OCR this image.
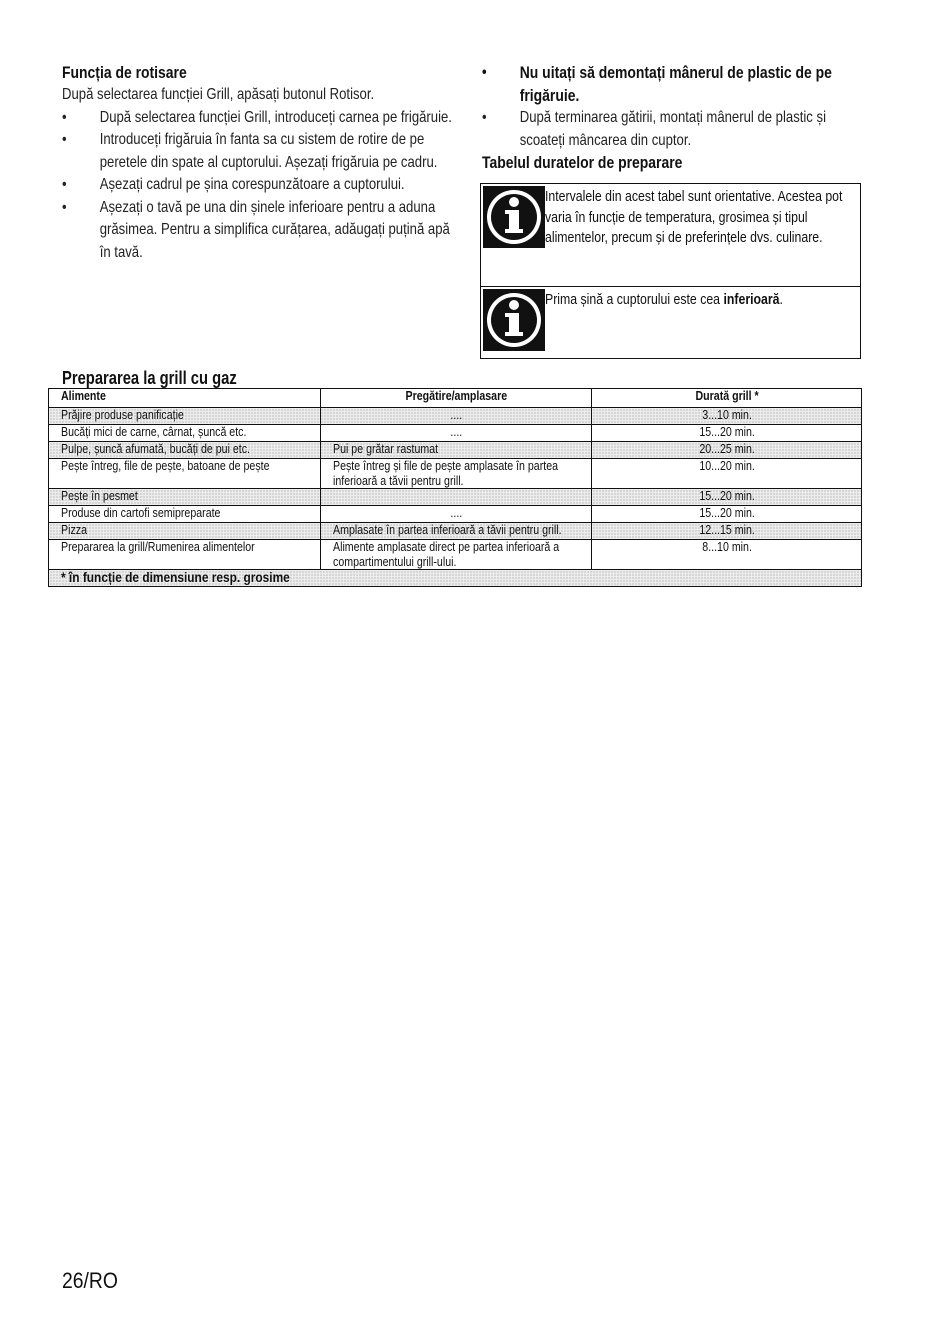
Funcția de rotisare

După selectarea funcției Grill, apăsați butonul Rotisor.

• După selectarea funcției Grill, introduceți carnea pe frigăruie.
• Introduceți frigăruia în fanta sa cu sistem de rotire de pe peretele din spate al cuptorului. Așezați frigăruia pe cadru.
• Așezați cadrul pe șina corespunzătoare a cuptorului.
• Așezați o tavă pe una din șinele inferioare pentru a aduna grăsimea. Pentru a simplifica curățarea, adăugați puțină apă în tavă.
• Nu uitați să demontați mânerul de plastic de pe frigăruie.
• După terminarea gătirii, montați mânerul de plastic și scoateți mâncarea din cuptor.
Tabelul duratelor de preparare
Intervalele din acest tabel sunt orientative. Acestea pot varia în funcție de temperatura, grosimea și tipul alimentelor, precum și de preferințele dvs. culinare.
Prima șină a cuptorului este cea inferioară.
Prepararea la grill cu gaz
Alimente	Pregătire/amplasare	Durată grill *

Prăjire produse panificație	....	3...10 min.

Bucăți mici de carne, cârnat, șuncă etc.	....	15...20 min.

Pulpe, șuncă afumată, bucăți de pui etc.	Pui pe grătar rastumat	20...25 min.

Pește întreg, file de pește, batoane de pește	Pește întreg și file de pește amplasate în partea inferioară a tăvii pentru grill.	10...20 min.

Pește în pesmet		15...20 min.

Produse din cartofi semipreparate	....	15...20 min.

Pizza	Amplasate în partea inferioară a tăvii pentru grill.	12...15 min.

Prepararea la grill/Rumenirea alimentelor	Alimente amplasate direct pe partea inferioară a compartimentului grill-ului.	8...10 min.

* în funcție de dimensiune resp. grosime		
26/RO
